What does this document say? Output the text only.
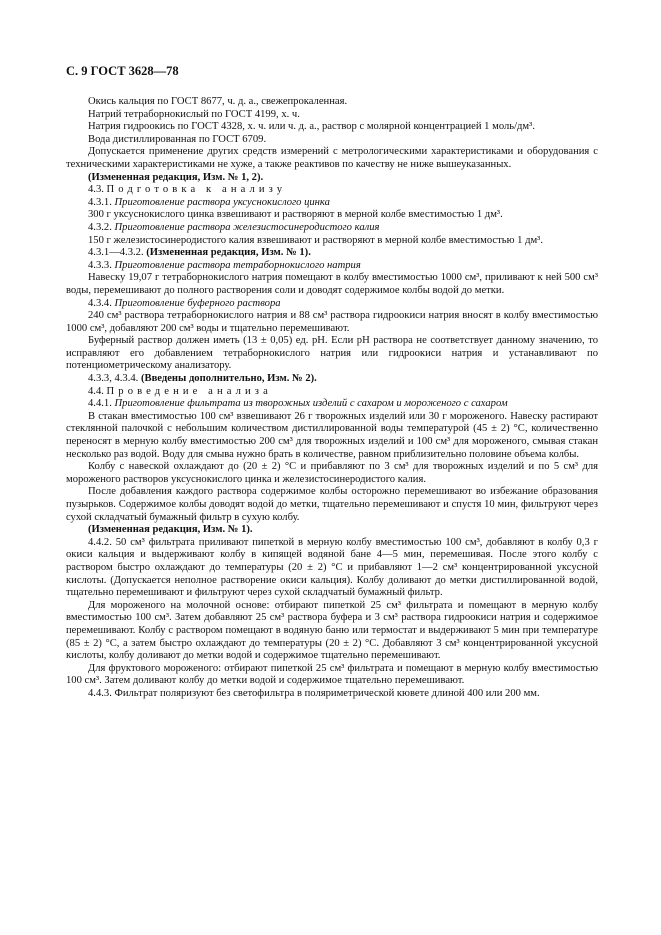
С. 9 ГОСТ 3628—78

Окись кальция по ГОСТ 8677, ч. д. а., свежепрокаленная.

Натрий тетраборнокислый по ГОСТ 4199, х. ч.

Натрия гидроокись по ГОСТ 4328, х. ч. или ч. д. а., раствор с молярной концентрацией 1 моль/дм³.

Вода дистиллированная по ГОСТ 6709.

Допускается применение других средств измерений с метрологическими характеристиками и оборудования с техническими характеристиками не хуже, а также реактивов по качеству не ниже вышеуказанных.

(Измененная редакция, Изм. № 1, 2).

4.3. Подготовка к анализу

4.3.1. Приготовление раствора уксуснокислого цинка

300 г уксуснокислого цинка взвешивают и растворяют в мерной колбе вместимостью 1 дм³.

4.3.2. Приготовление раствора железистосинеродистого калия

150 г железистосинеродистого калия взвешивают и растворяют в мерной колбе вместимостью 1 дм³.

4.3.1—4.3.2. (Измененная редакция, Изм. № 1).

4.3.3. Приготовление раствора тетраборнокислого натрия

Навеску 19,07 г тетраборнокислого натрия помещают в колбу вместимостью 1000 см³, приливают к ней 500 см³ воды, перемешивают до полного растворения соли и доводят содержимое колбы водой до метки.

4.3.4. Приготовление буферного раствора

240 см³ раствора тетраборнокислого натрия и 88 см³ раствора гидроокиси натрия вносят в колбу вместимостью 1000 см³, добавляют 200 см³ воды и тщательно перемешивают.

Буферный раствор должен иметь (13 ± 0,05) ед. pH. Если pH раствора не соответствует данному значению, то исправляют его добавлением тетраборнокислого натрия или гидроокиси натрия и устанавливают по потенциометрическому анализатору.

4.3.3, 4.3.4. (Введены дополнительно, Изм. № 2).

4.4. Проведение анализа

4.4.1. Приготовление фильтрата из творожных изделий с сахаром и мороженого с сахаром

В стакан вместимостью 100 см³ взвешивают 26 г творожных изделий или 30 г мороженого. Навеску растирают стеклянной палочкой с небольшим количеством дистиллированной воды температурой (45 ± 2) °С, количественно переносят в мерную колбу вместимостью 200 см³ для творожных изделий и 100 см³ для мороженого, смывая стакан несколько раз водой. Воду для смыва нужно брать в количестве, равном приблизительно половине объема колбы.

Колбу с навеской охлаждают до (20 ± 2) °С и прибавляют по 3 см³ для творожных изделий и по 5 см³ для мороженого растворов уксуснокислого цинка и железистосинеродистого калия.

После добавления каждого раствора содержимое колбы осторожно перемешивают во избежание образования пузырьков. Содержимое колбы доводят водой до метки, тщательно перемешивают и спустя 10 мин, фильтруют через сухой складчатый бумажный фильтр в сухую колбу.

(Измененная редакция, Изм. № 1).

4.4.2. 50 см³ фильтрата приливают пипеткой в мерную колбу вместимостью 100 см³, добавляют в колбу 0,3 г окиси кальция и выдерживают колбу в кипящей водяной бане 4—5 мин, перемешивая. После этого колбу с раствором быстро охлаждают до температуры (20 ± 2) °С и прибавляют 1—2 см³ концентрированной уксусной кислоты. (Допускается неполное растворение окиси кальция). Колбу доливают до метки дистиллированной водой, тщательно перемешивают и фильтруют через сухой складчатый бумажный фильтр.

Для мороженого на молочной основе: отбирают пипеткой 25 см³ фильтрата и помещают в мерную колбу вместимостью 100 см³. Затем добавляют 25 см³ раствора буфера и 3 см³ раствора гидроокиси натрия и содержимое перемешивают. Колбу с раствором помещают в водяную баню или термостат и выдерживают 5 мин при температуре (85 ± 2) °С, а затем быстро охлаждают до температуры (20 ± 2) °С. Добавляют 3 см³ концентрированной уксусной кислоты, колбу доливают до метки водой и содержимое тщательно перемешивают.

Для фруктового мороженого: отбирают пипеткой 25 см³ фильтрата и помещают в мерную колбу вместимостью 100 см³. Затем доливают колбу до метки водой и содержимое тщательно перемешивают.

4.4.3. Фильтрат поляризуют без светофильтра в поляриметрической кювете длиной 400 или 200 мм.
